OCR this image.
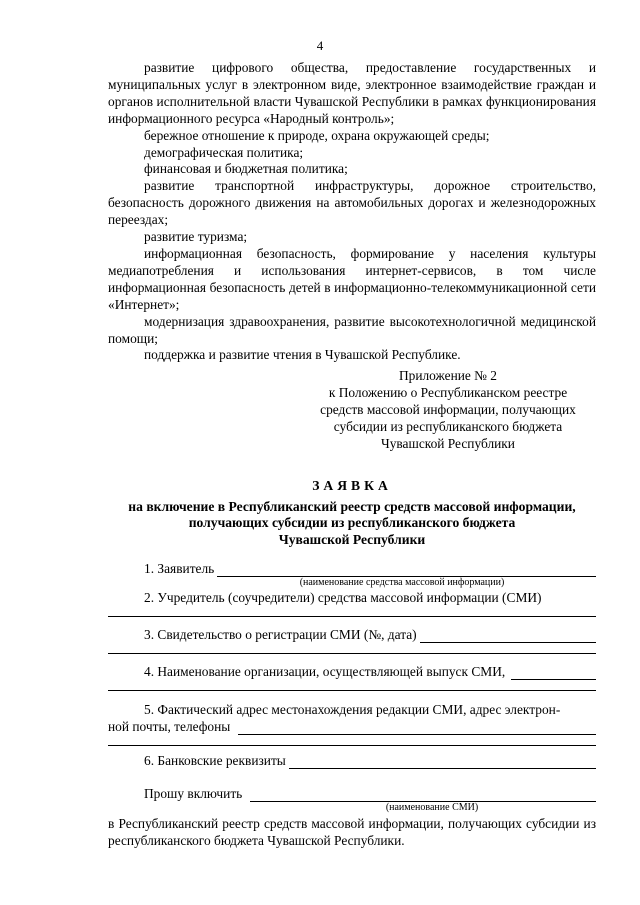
4

развитие цифрового общества, предоставление государственных и муниципальных услуг в электронном виде, электронное взаимодействие граждан и органов исполнительной власти Чувашской Республики в рамках функционирования информационного ресурса «Народный контроль»;

бережное отношение к природе, охрана окружающей среды;

демографическая политика;

финансовая и бюджетная политика;

развитие транспортной инфраструктуры, дорожное строительство, безопасность дорожного движения на автомобильных дорогах и железнодорожных переездах;

развитие туризма;

информационная безопасность, формирование у населения культуры медиапотребления и использования интернет-сервисов, в том числе информационная безопасность детей в информационно-телекоммуникационной сети «Интернет»;

модернизация здравоохранения, развитие высокотехнологичной медицинской помощи;

поддержка и развитие чтения в Чувашской Республике.

Приложение № 2
к Положению о Республиканском реестре
средств массовой информации, получающих
субсидии из республиканского бюджета
Чувашской Республики
ЗАЯВКА
на включение в Республиканский реестр средств массовой информации,
получающих субсидии из республиканского бюджета
Чувашской Республики
1. Заявитель
(наименование средства массовой информации)
2. Учредитель (соучредители) средства массовой информации (СМИ)
3. Свидетельство о регистрации СМИ (№, дата)
4. Наименование организации, осуществляющей выпуск СМИ,
5. Фактический адрес местонахождения редакции СМИ, адрес электрон-
ной почты, телефоны
6. Банковские реквизиты
Прошу включить
(наименование СМИ)
в Республиканский реестр средств массовой информации, получающих субсидии из республиканского бюджета Чувашской Республики.
